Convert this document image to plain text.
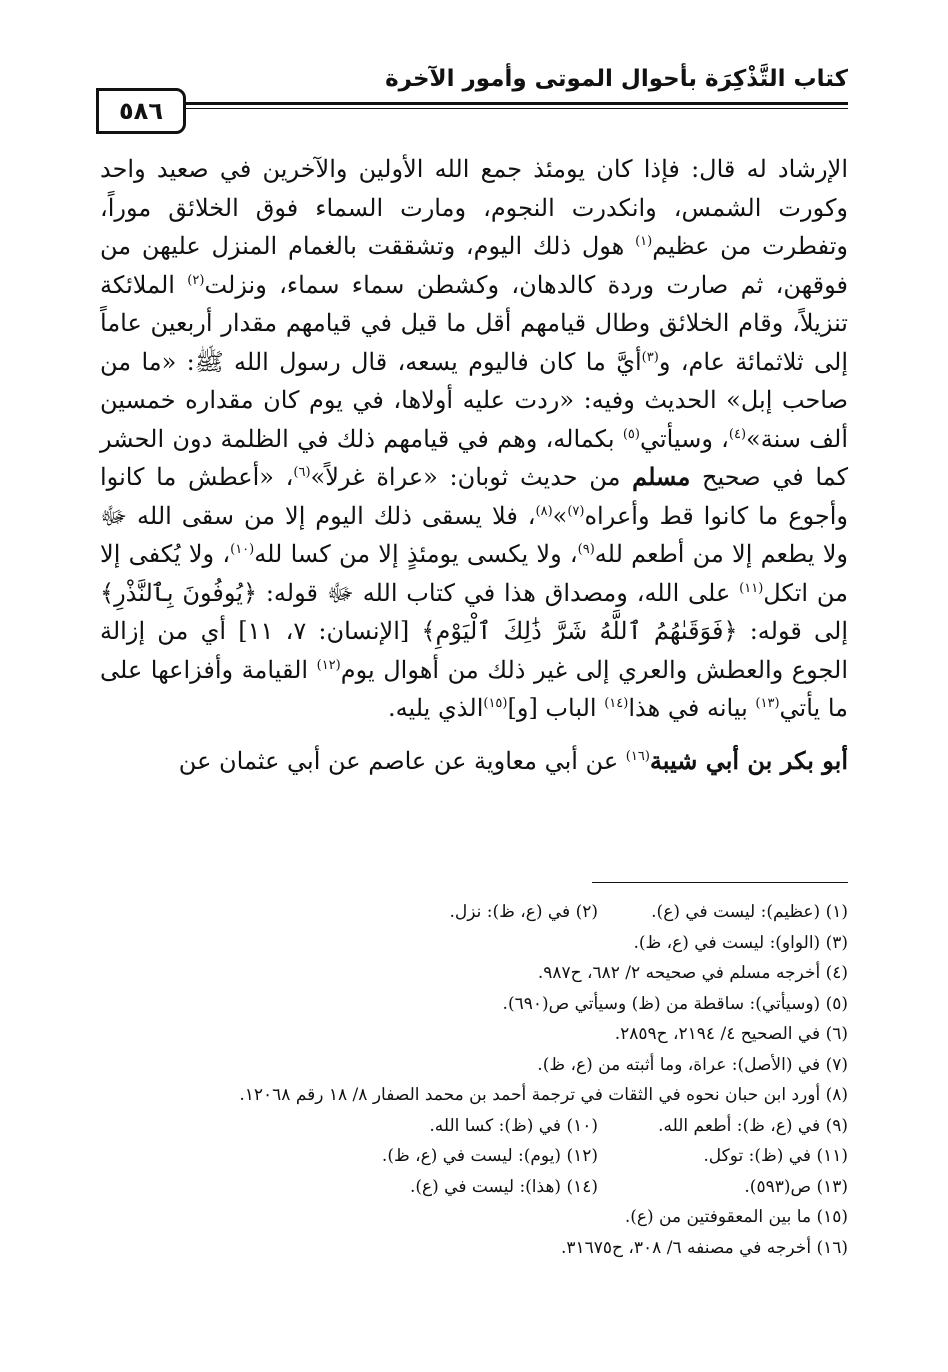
كتاب التَّذْكِرَة بأحوال الموتى وأمور الآخرة
٥٨٦

الإرشاد له قال: فإذا كان يومئذ جمع الله الأولين والآخرين في صعيد واحد وكورت الشمس، وانكدرت النجوم، ومارت السماء فوق الخلائق موراً، وتفطرت من عظيم$^{(١)}$ هول ذلك اليوم، وتشققت بالغمام المنزل عليهن من فوقهن، ثم صارت وردة كالدهان، وكشطن سماء سماء، ونزلت$^{(٢)}$ الملائكة تنزيلاً، وقام الخلائق وطال قيامهم أقل ما قيل في قيامهم مقدار أربعين عاماً إلى ثلاثمائة عام، و$^{(٣)}$أيَّ ما كان فاليوم يسعه، قال رسول الله ﷺ: «ما من صاحب إبل» الحديث وفيه: «ردت عليه أولاها، في يوم كان مقداره خمسين ألف سنة»$^{(٤)}$، وسيأتي$^{(٥)}$ بكماله، وهم في قيامهم ذلك في الظلمة دون الحشر كما في صحيح مسلم من حديث ثوبان: «عراة غرلاً»$^{(٦)}$، «أعطش ما كانوا وأجوع ما كانوا قط وأعراه$^{(٧)}$»$^{(٨)}$، فلا يسقى ذلك اليوم إلا من سقى الله ﷻ ولا يطعم إلا من أطعم لله$^{(٩)}$، ولا يكسى يومئذٍ إلا من كسا لله$^{(١٠)}$، ولا يُكفى إلا من اتكل$^{(١١)}$ على الله، ومصداق هذا في كتاب الله ﷻ قوله: ﴿يُوفُونَ بِٱلنَّذْرِ﴾ إلى قوله: ﴿فَوَقَىٰهُمُ ٱللَّهُ شَرَّ ذَٰلِكَ ٱلْيَوْمِ﴾ [الإنسان: ٧، ١١] أي من إزالة الجوع والعطش والعري إلى غير ذلك من أهوال يوم$^{(١٢)}$ القيامة وأفزاعها على ما يأتي$^{(١٣)}$ بيانه في هذا$^{(١٤)}$ الباب [و]$^{(١٥)}$الذي يليه.

أبو بكر بن أبي شيبة$^{(١٦)}$ عن أبي معاوية عن عاصم عن أبي عثمان عن

(١) (عظيم): ليست في (ع).
(٢) في (ع، ظ): نزل.
(٣) (الواو): ليست في (ع، ظ).
(٤) أخرجه مسلم في صحيحه ٢/ ٦٨٢، ح٩٨٧.
(٥) (وسيأتي): ساقطة من (ظ) وسيأتي ص(٦٩٠).
(٦) في الصحيح ٤/ ٢١٩٤، ح٢٨٥٩.
(٧) في (الأصل): عراة، وما أثبته من (ع، ظ).
(٨) أورد ابن حبان نحوه في الثقات في ترجمة أحمد بن محمد الصفار ٨/ ١٨ رقم ١٢٠٦٨.
(٩) في (ع، ظ): أطعم الله.
(١٠) في (ظ): كسا الله.
(١١) في (ظ): توكل.
(١٢) (يوم): ليست في (ع، ظ).
(١٣) ص(٥٩٣).
(١٤) (هذا): ليست في (ع).
(١٥) ما بين المعقوفتين من (ع).
(١٦) أخرجه في مصنفه ٦/ ٣٠٨، ح٣١٦٧٥.
